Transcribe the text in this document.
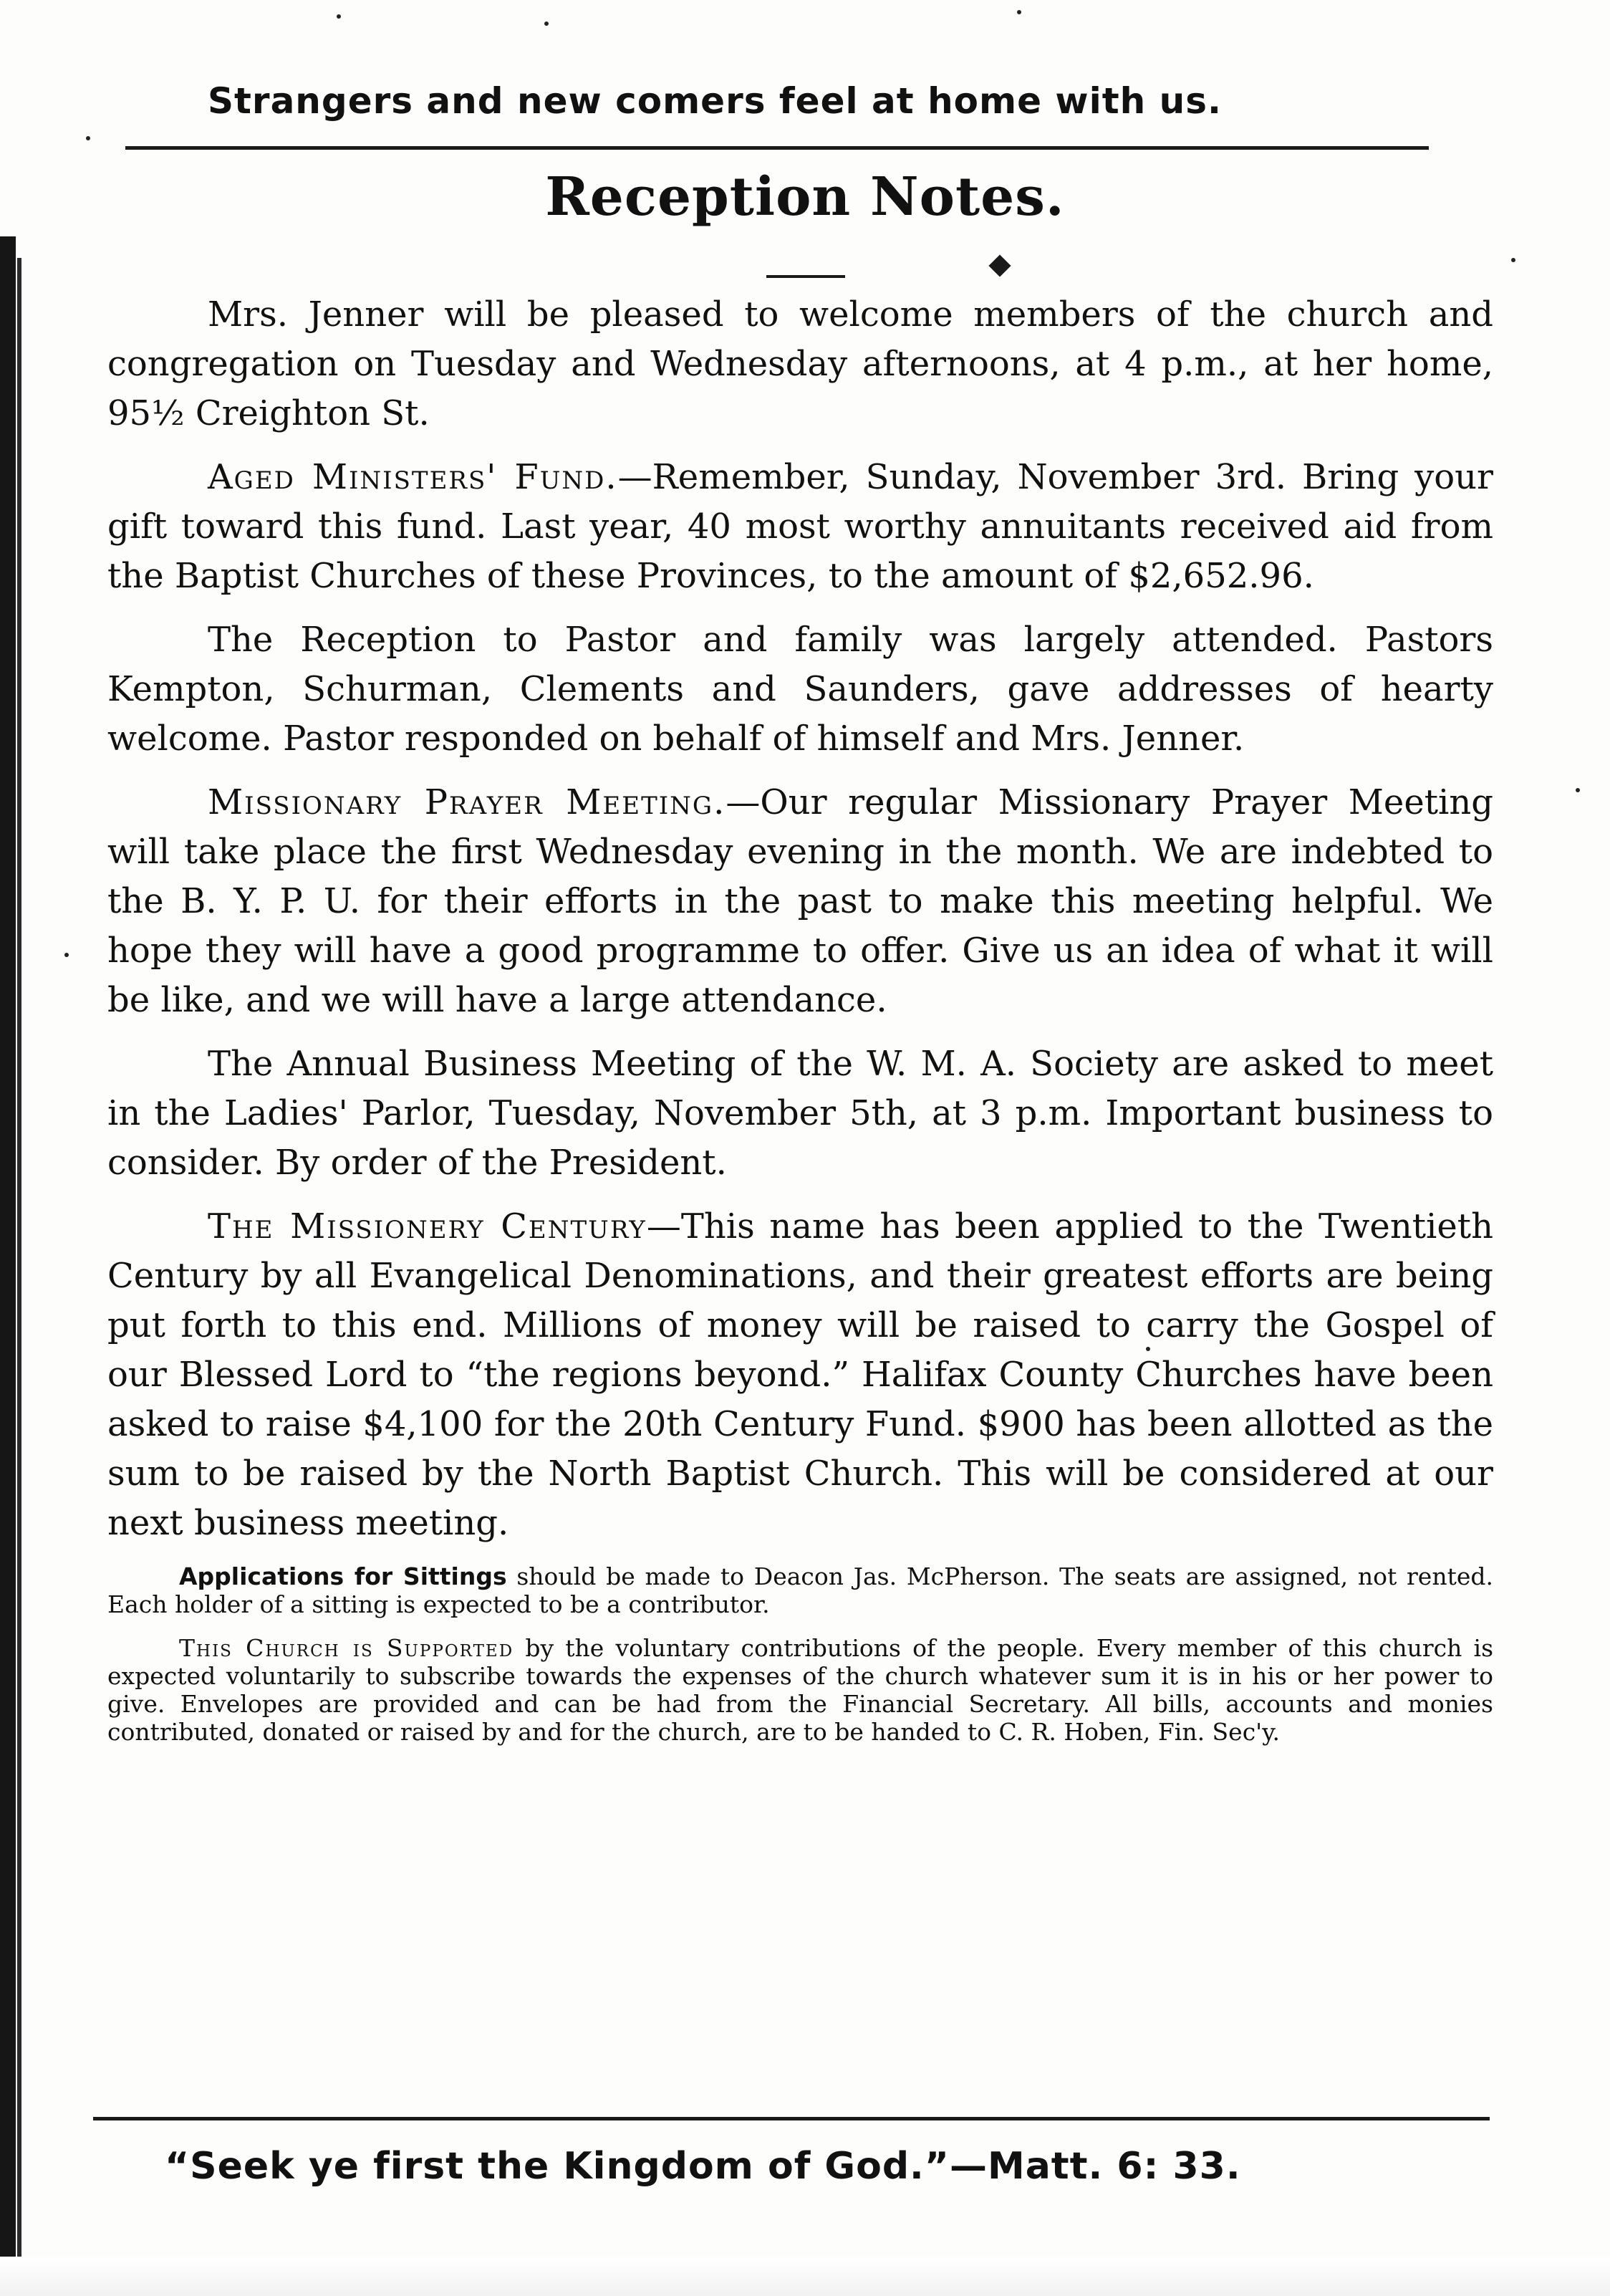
Strangers and new comers feel at home with us.
Reception Notes.

Mrs. Jenner will be pleased to welcome members of the church and congregation on Tuesday and Wednesday afternoons, at 4 p.m., at her home, 95½ Creighton St.

Aged Ministers' Fund.—Remember, Sunday, November 3rd. Bring your gift toward this fund. Last year, 40 most worthy annuitants received aid from the Baptist Churches of these Provinces, to the amount of $2,652.96.

The Reception to Pastor and family was largely attended. Pastors Kempton, Schurman, Clements and Saunders, gave addresses of hearty welcome. Pastor responded on behalf of himself and Mrs. Jenner.

Missionary Prayer Meeting.—Our regular Missionary Prayer Meeting will take place the first Wednesday evening in the month. We are indebted to the B. Y. P. U. for their efforts in the past to make this meeting helpful. We hope they will have a good programme to offer. Give us an idea of what it will be like, and we will have a large attendance.

The Annual Business Meeting of the W. M. A. Society are asked to meet in the Ladies' Parlor, Tuesday, November 5th, at 3 p.m. Important business to consider. By order of the President.

The Missionery Century—This name has been applied to the Twentieth Century by all Evangelical Denominations, and their greatest efforts are being put forth to this end. Millions of money will be raised to carry the Gospel of our Blessed Lord to “the regions beyond.” Halifax County Churches have been asked to raise $4,100 for the 20th Century Fund. $900 has been allotted as the sum to be raised by the North Baptist Church. This will be considered at our next business meeting.

Applications for Sittings should be made to Deacon Jas. McPherson. The seats are assigned, not rented. Each holder of a sitting is expected to be a contributor.

This Church is Supported by the voluntary contributions of the people. Every member of this church is expected voluntarily to subscribe towards the expenses of the church whatever sum it is in his or her power to give. Envelopes are provided and can be had from the Financial Secretary. All bills, accounts and monies contributed, donated or raised by and for the church, are to be handed to C. R. Hoben, Fin. Sec'y.

“Seek ye first the Kingdom of God.”—Matt. 6: 33.
